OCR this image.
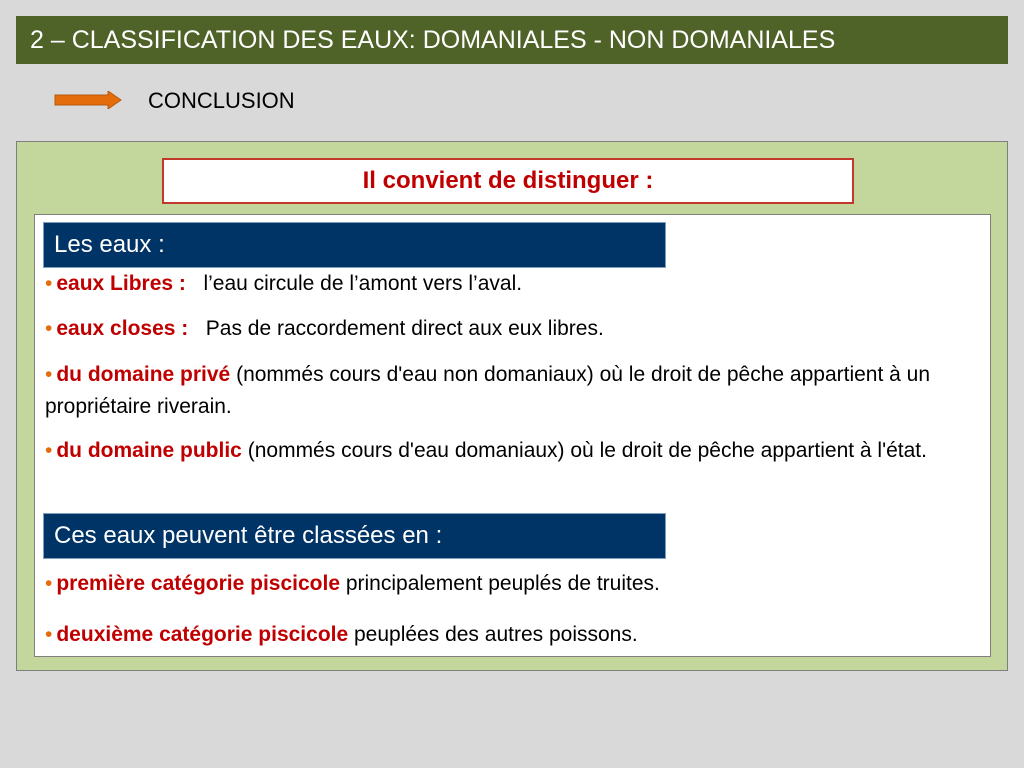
2 – CLASSIFICATION DES EAUX: DOMANIALES - NON DOMANIALES
CONCLUSION
Il convient de distinguer :
Les eaux :
• eaux Libres : l’eau circule de l’amont vers l’aval.
• eaux closes : Pas de raccordement direct aux eux libres.
• du domaine privé (nommés cours d'eau non domaniaux) où le droit de pêche appartient à un propriétaire riverain.
• du domaine public (nommés cours d'eau domaniaux) où le droit de pêche appartient à l'état.
Ces eaux peuvent être classées en :
• première catégorie piscicole principalement peuplés de truites.
• deuxième catégorie piscicole peuplées des autres poissons.
